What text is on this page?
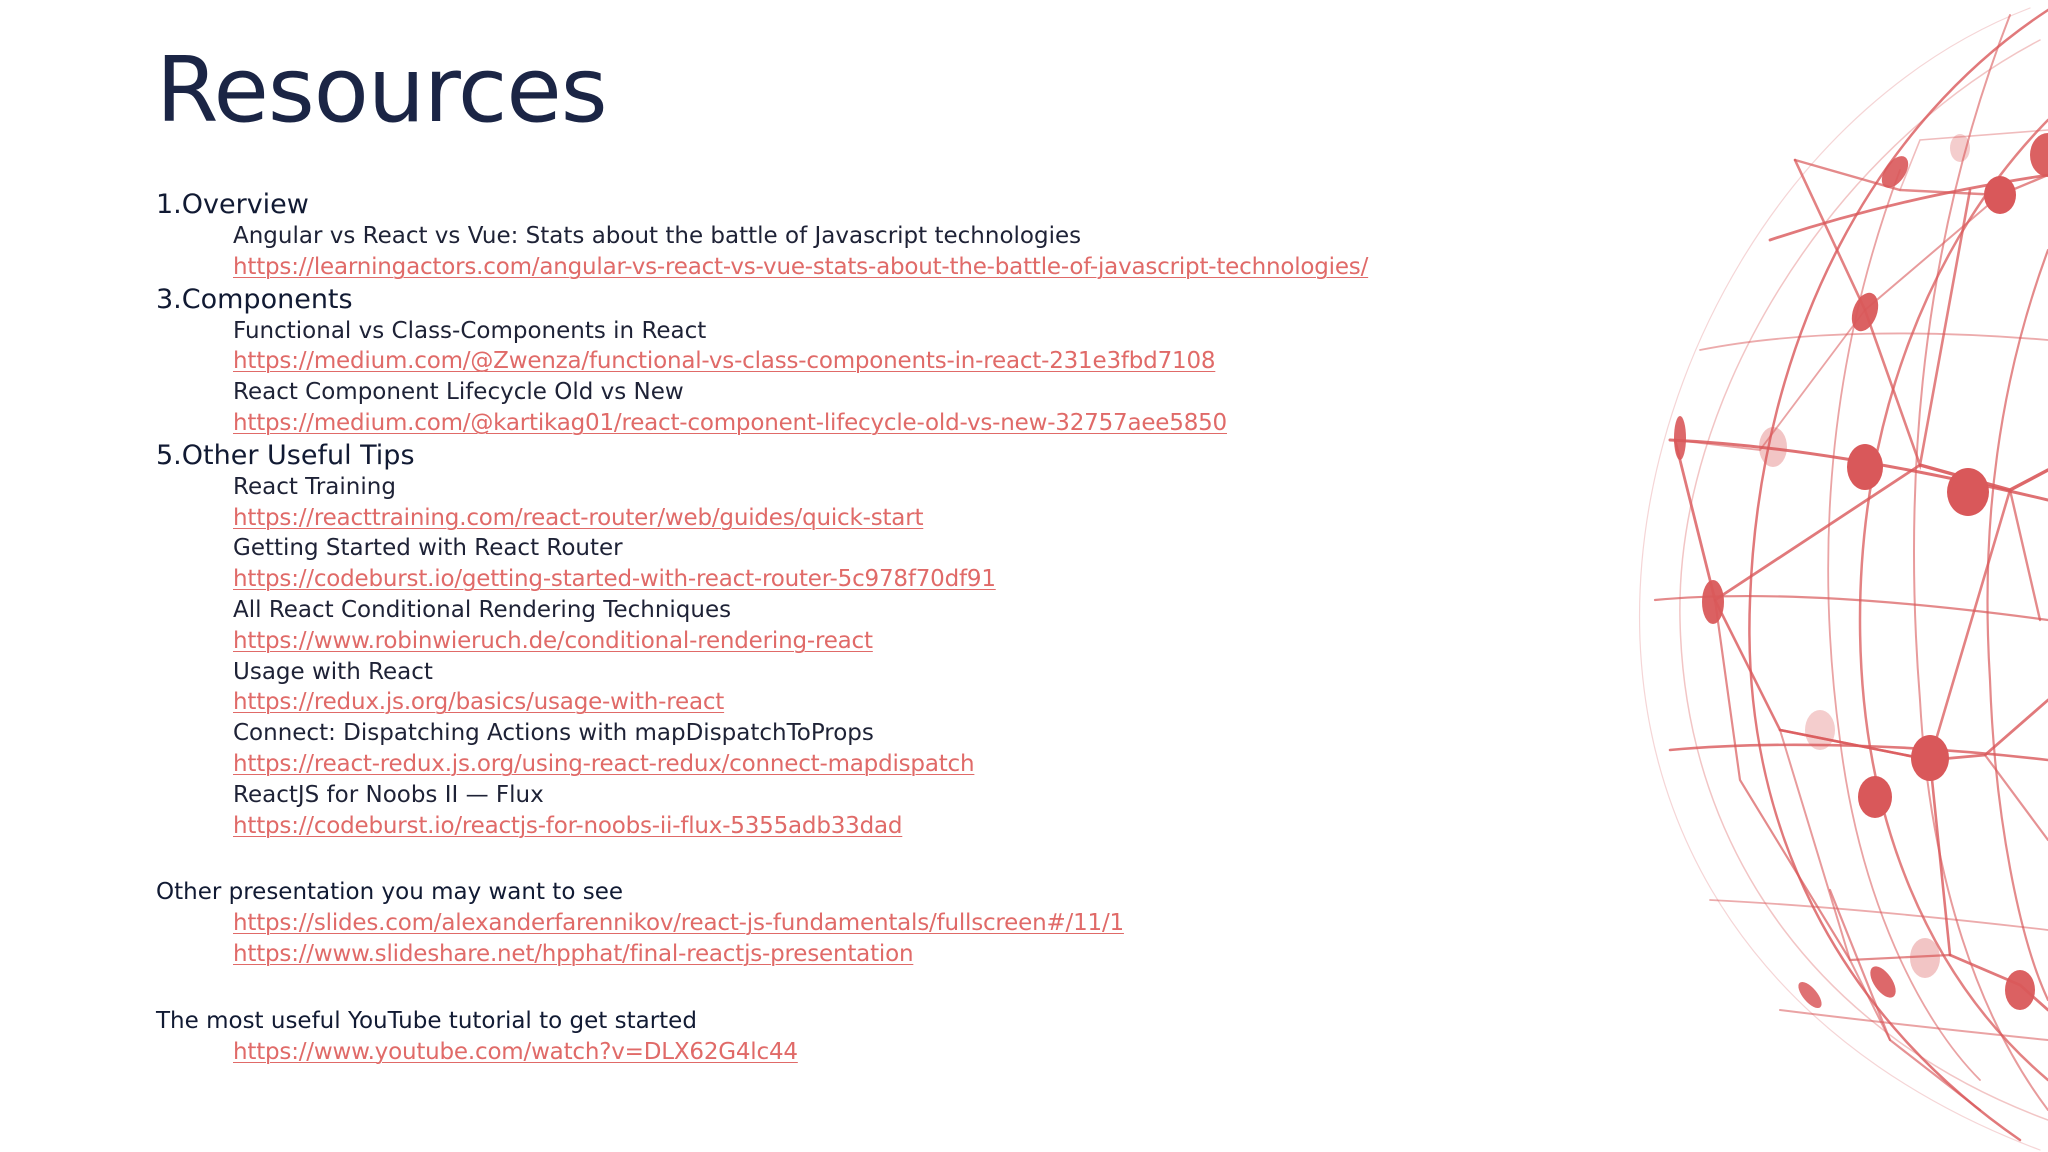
Resources
1.Overview
Angular vs React vs Vue: Stats about the battle of Javascript technologies
https://learningactors.com/angular-vs-react-vs-vue-stats-about-the-battle-of-javascript-technologies/
3.Components
Functional vs Class-Components in React
https://medium.com/@Zwenza/functional-vs-class-components-in-react-231e3fbd7108
React Component Lifecycle Old vs New
https://medium.com/@kartikag01/react-component-lifecycle-old-vs-new-32757aee5850
5.Other Useful Tips
React Training
https://reacttraining.com/react-router/web/guides/quick-start
Getting Started with React Router
https://codeburst.io/getting-started-with-react-router-5c978f70df91
All React Conditional Rendering Techniques
https://www.robinwieruch.de/conditional-rendering-react
Usage with React
https://redux.js.org/basics/usage-with-react
Connect: Dispatching Actions with mapDispatchToProps
https://react-redux.js.org/using-react-redux/connect-mapdispatch
ReactJS for Noobs II — Flux
https://codeburst.io/reactjs-for-noobs-ii-flux-5355adb33dad
Other presentation you may want to see
https://slides.com/alexanderfarennikov/react-js-fundamentals/fullscreen#/11/1
https://www.slideshare.net/hpphat/final-reactjs-presentation
The most useful YouTube tutorial to get started
https://www.youtube.com/watch?v=DLX62G4lc44
